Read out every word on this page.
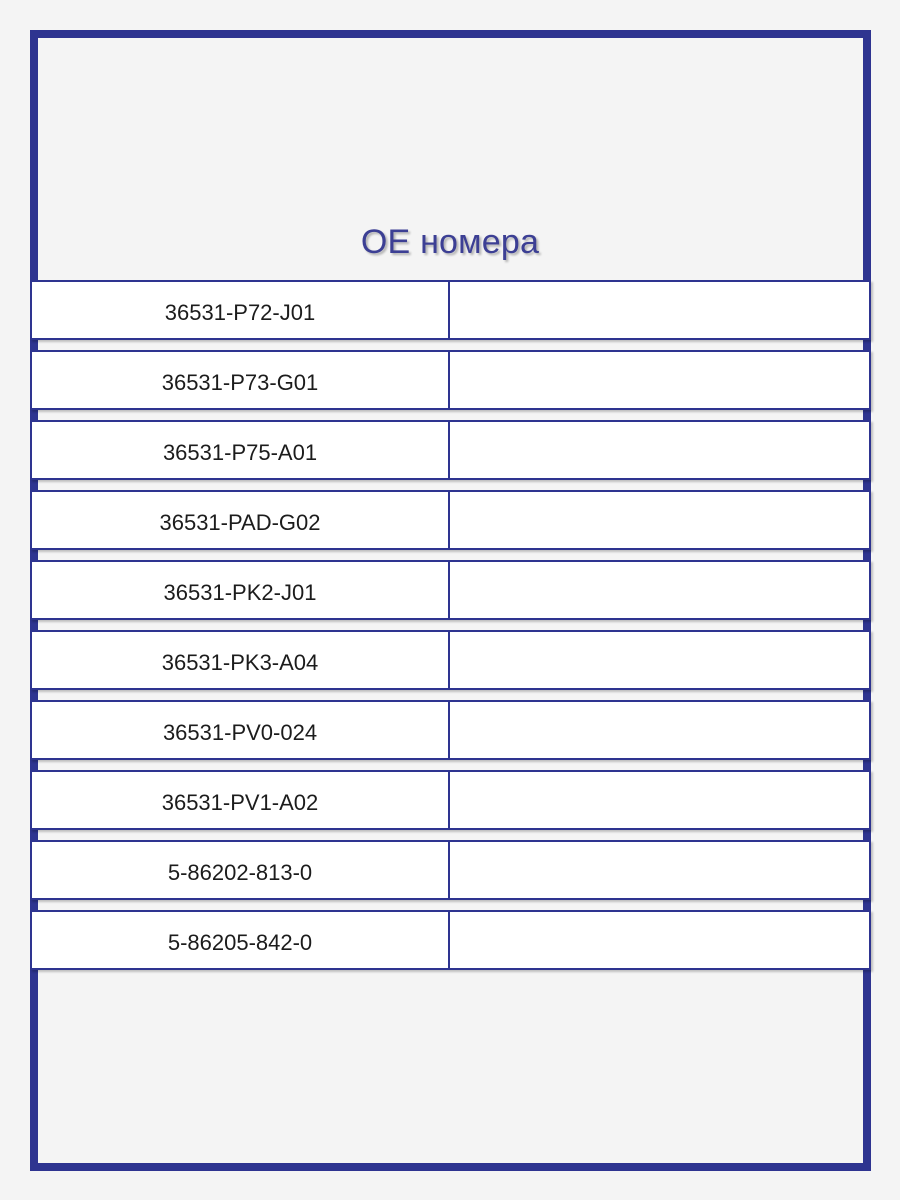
OE номера
36531-P72-J01
36531-P73-G01
36531-P75-A01
36531-PAD-G02
36531-PK2-J01
36531-PK3-A04
36531-PV0-024
36531-PV1-A02
5-86202-813-0
5-86205-842-0
